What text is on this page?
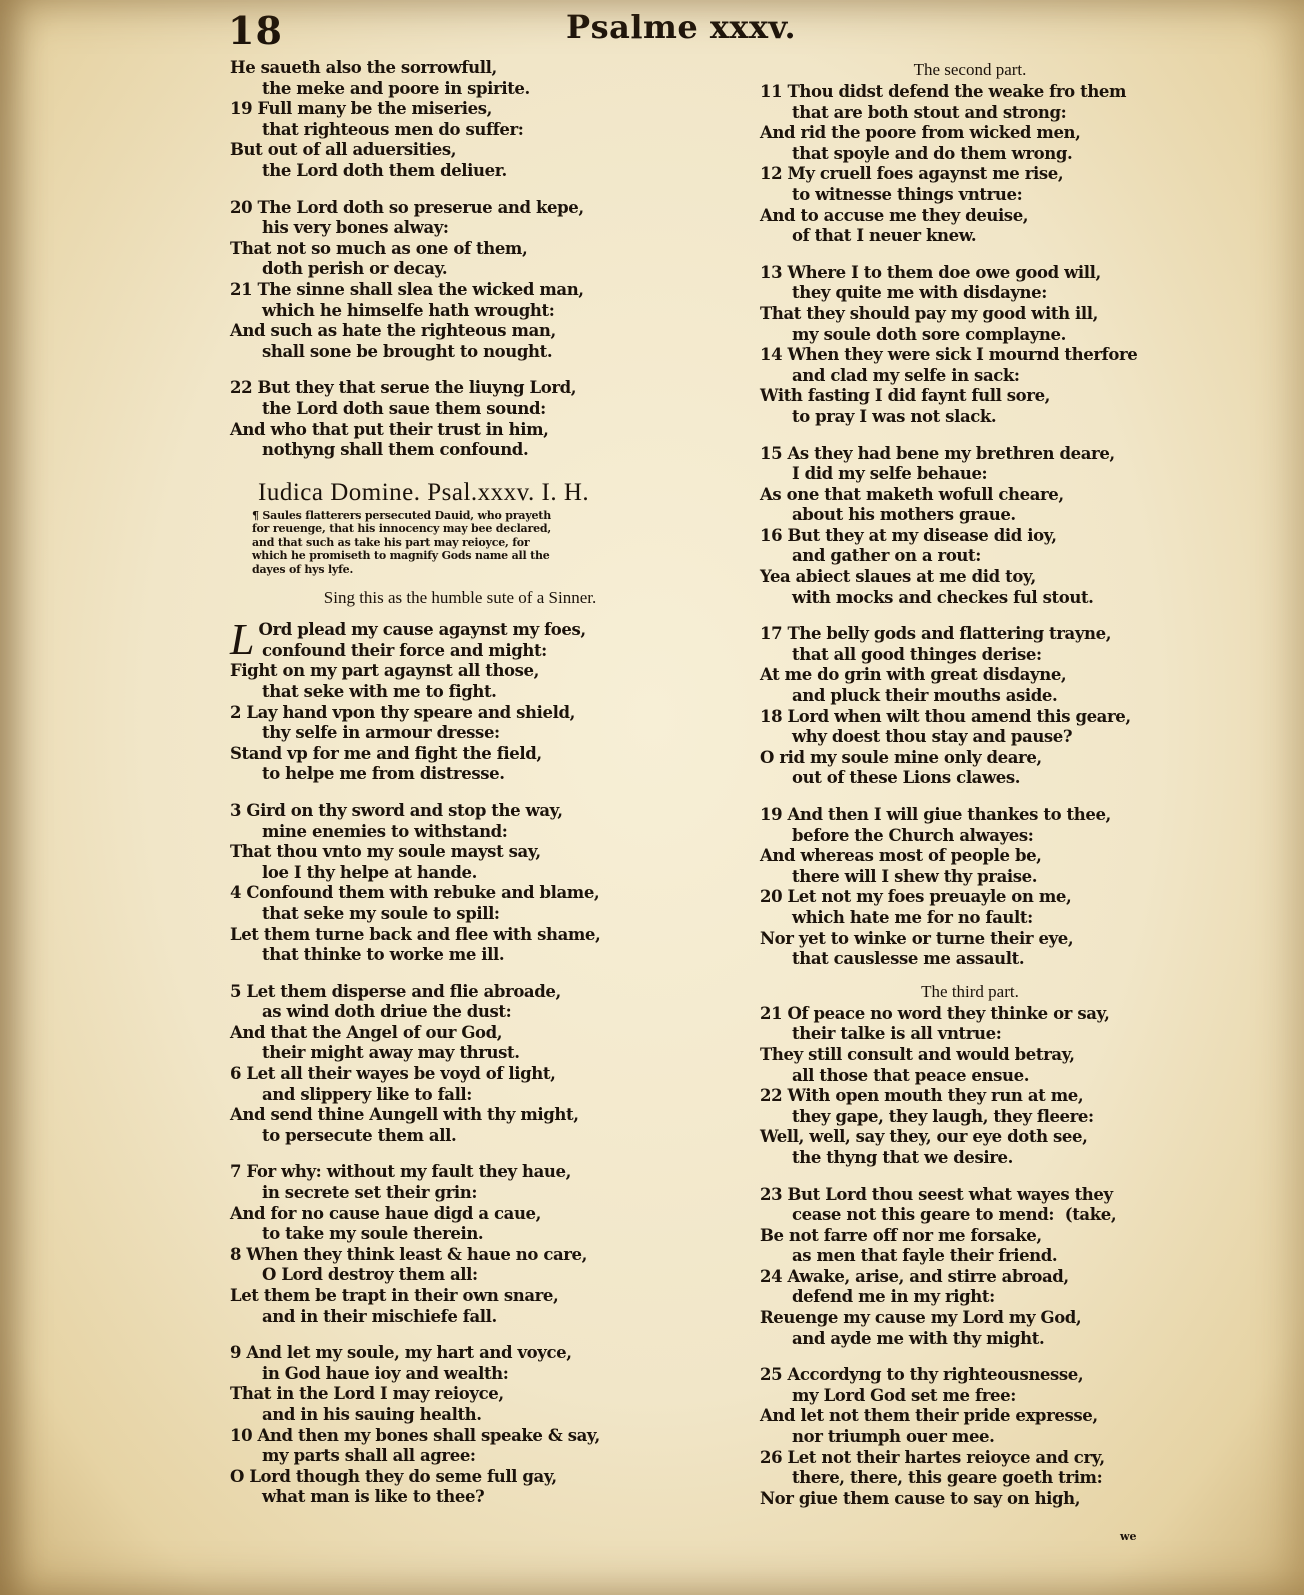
18	Psalme xxxv.
He saueth also the sorrowfull,
the meke and poore in spirite.
19 Full many be the miseries,
that righteous men do suffer:
But out of all aduersities,
the Lord doth them deliuer.
20 The Lord doth so preserue and kepe,
his very bones alway:
That not so much as one of them,
doth perish or decay.
21 The sinne shall slea the wicked man,
which he himselfe hath wrought:
And such as hate the righteous man,
shall sone be brought to nought.
22 But they that serue the liuyng Lord,
the Lord doth saue them sound:
And who that put their trust in him,
nothyng shall them confound.
Iudica Domine. Psal.xxxv. I. H.
¶ Saules flatterers persecuted Dauid, who prayeth
for reuenge, that his innocency may bee declared,
and that such as take his part may reioyce, for
which he promiseth to magnify Gods name all the
dayes of hys lyfe.
Sing this as the humble sute of a Sinner.
L Ord plead my cause agaynst my foes,
confound their force and might:
Fight on my part agaynst all those,
that seke with me to fight.
2 Lay hand vpon thy speare and shield,
thy selfe in armour dresse:
Stand vp for me and fight the field,
to helpe me from distresse.
3 Gird on thy sword and stop the way,
mine enemies to withstand:
That thou vnto my soule mayst say,
loe I thy helpe at hande.
4 Confound them with rebuke and blame,
that seke my soule to spill:
Let them turne back and flee with shame,
that thinke to worke me ill.
5 Let them disperse and flie abroade,
as wind doth driue the dust:
And that the Angel of our God,
their might away may thrust.
6 Let all their wayes be voyd of light,
and slippery like to fall:
And send thine Aungell with thy might,
to persecute them all.
7 For why: without my fault they haue,
in secrete set their grin:
And for no cause haue digd a caue,
to take my soule therein.
8 When they think least & haue no care,
O Lord destroy them all:
Let them be trapt in their own snare,
and in their mischiefe fall.
9 And let my soule, my hart and voyce,
in God haue ioy and wealth:
That in the Lord I may reioyce,
and in his sauing health.
10 And then my bones shall speake & say,
my parts shall all agree:
O Lord though they do seme full gay,
what man is like to thee?
The second part.
11 Thou didst defend the weake fro them
that are both stout and strong:
And rid the poore from wicked men,
that spoyle and do them wrong.
12 My cruell foes agaynst me rise,
to witnesse things vntrue:
And to accuse me they deuise,
of that I neuer knew.
13 Where I to them doe owe good will,
they quite me with disdayne:
That they should pay my good with ill,
my soule doth sore complayne.
14 When they were sick I mournd therfore
and clad my selfe in sack:
With fasting I did faynt full sore,
to pray I was not slack.
15 As they had bene my brethren deare,
I did my selfe behaue:
As one that maketh wofull cheare,
about his mothers graue.
16 But they at my disease did ioy,
and gather on a rout:
Yea abiect slaues at me did toy,
with mocks and checkes ful stout.
17 The belly gods and flattering trayne,
that all good thinges derise:
At me do grin with great disdayne,
and pluck their mouths aside.
18 Lord when wilt thou amend this geare,
why doest thou stay and pause?
O rid my soule mine only deare,
out of these Lions clawes.
19 And then I will giue thankes to thee,
before the Church alwayes:
And whereas most of people be,
there will I shew thy praise.
20 Let not my foes preuayle on me,
which hate me for no fault:
Nor yet to winke or turne their eye,
that causlesse me assault.
The third part.
21 Of peace no word they thinke or say,
their talke is all vntrue:
They still consult and would betray,
all those that peace ensue.
22 With open mouth they run at me,
they gape, they laugh, they fleere:
Well, well, say they, our eye doth see,
the thyng that we desire.
23 But Lord thou seest what wayes they
cease not this geare to mend: (take,
Be not farre off nor me forsake,
as men that fayle their friend.
24 Awake, arise, and stirre abroad,
defend me in my right:
Reuenge my cause my Lord my God,
and ayde me with thy might.
25 Accordyng to thy righteousnesse,
my Lord God set me free:
And let not them their pride expresse,
nor triumph ouer mee.
26 Let not their hartes reioyce and cry,
there, there, this geare goeth trim:
Nor giue them cause to say on high,
we
